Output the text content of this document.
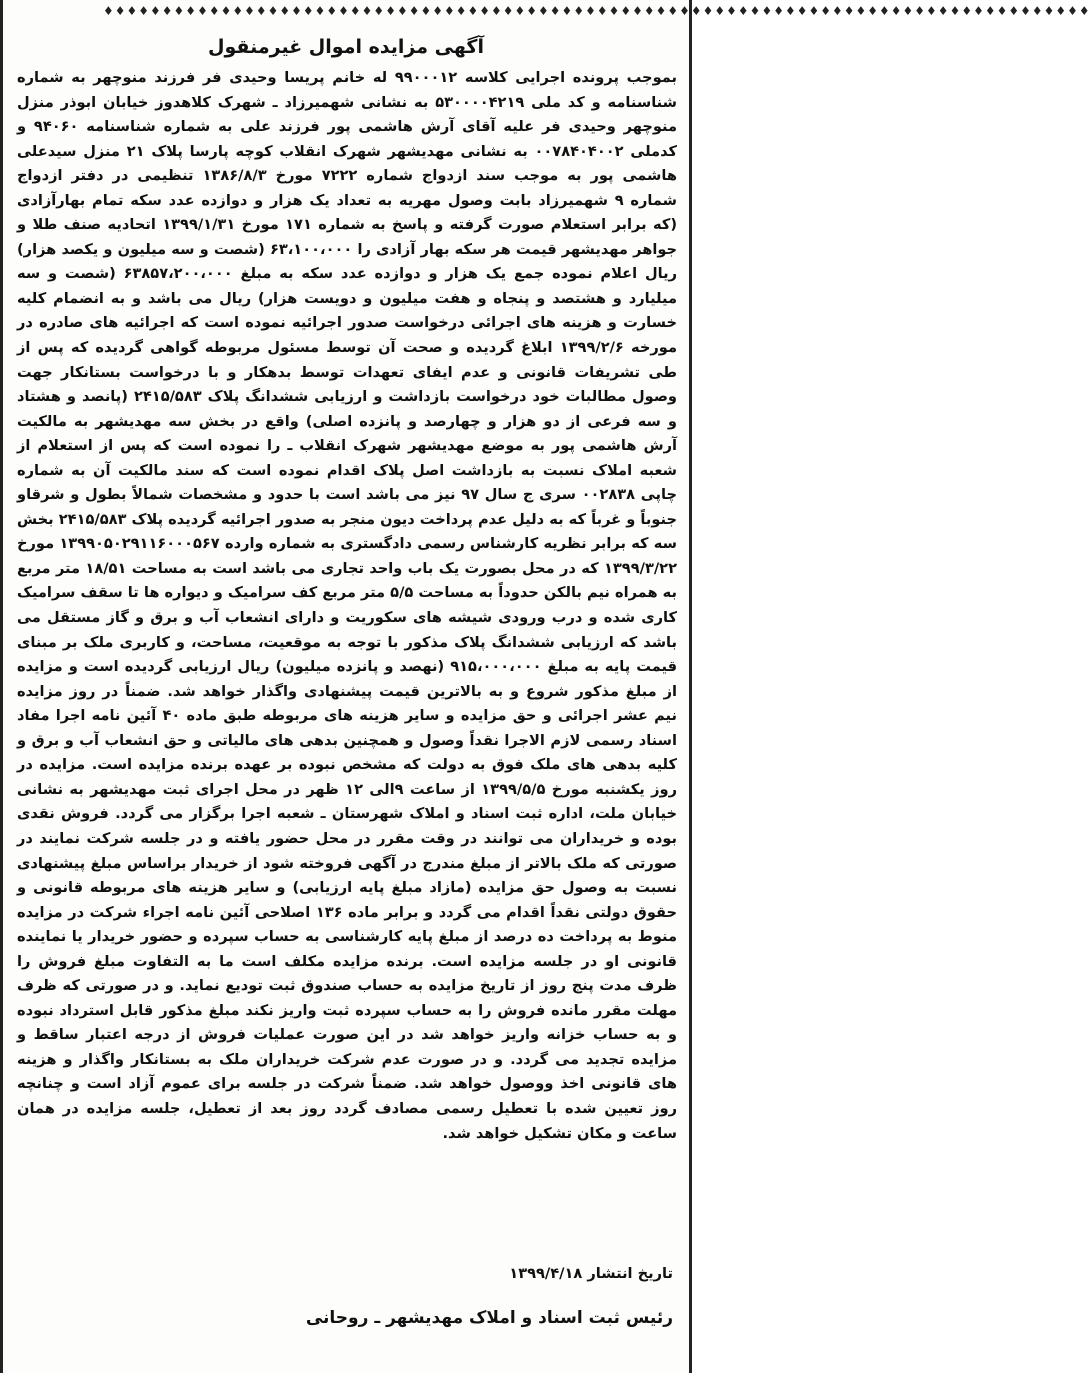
♦♦♦♦♦♦♦♦♦♦♦♦♦♦♦♦♦♦♦♦♦♦♦♦♦♦♦♦♦♦♦♦♦♦♦♦♦♦♦♦♦♦♦♦♦♦♦♦♦♦♦♦♦♦♦♦♦♦♦♦♦♦♦♦♦♦♦♦♦♦♦♦♦♦♦♦♦♦♦♦♦♦♦♦
آگهی مزایده اموال غیرمنقول
بموجب پرونده اجرایی کلاسه ۹۹۰۰۰۱۲ له خانم پریسا وحیدی فر فرزند منوچهر به شماره شناسنامه و کد ملی ۵۳۰۰۰۰۴۲۱۹ به نشانی شهمیرزاد ـ شهرک کلاهدوز خیابان ابوذر منزل منوچهر وحیدی فر علیه آقای آرش هاشمی پور فرزند علی به شماره شناسنامه ۹۴۰۶۰ و کدملی ۰۰۷۸۴۰۴۰۰۲ به نشانی مهدیشهر شهرک انقلاب کوچه پارسا پلاک ۲۱ منزل سیدعلی هاشمی پور به موجب سند ازدواج شماره ۷۲۲۲ مورخ ۱۳۸۶/۸/۳ تنظیمی در دفتر ازدواج شماره ۹ شهمیرزاد بابت وصول مهریه به تعداد یک هزار و دوازده عدد سکه تمام بهارآزادی (که برابر استعلام صورت گرفته و پاسخ به شماره ۱۷۱ مورخ ۱۳۹۹/۱/۳۱ اتحادیه صنف طلا و جواهر مهدیشهر قیمت هر سکه بهار آزادی را ۶۳،۱۰۰،۰۰۰ (شصت و سه میلیون و یکصد هزار) ریال اعلام نموده جمع یک هزار و دوازده عدد سکه به مبلغ ۶۳۸۵۷،۲۰۰،۰۰۰ (شصت و سه میلیارد و هشتصد و پنجاه و هفت میلیون و دویست هزار) ریال می باشد و به انضمام کلیه خسارت و هزینه های اجرائی درخواست صدور اجرائیه نموده است که اجرائیه های صادره در مورخه ۱۳۹۹/۲/۶ ابلاغ گردیده و صحت آن توسط مسئول مربوطه گواهی گردیده که پس از طی تشریفات قانونی و عدم ایفای تعهدات توسط بدهکار و با درخواست بستانکار جهت وصول مطالبات خود درخواست بازداشت و ارزیابی ششدانگ پلاک ۲۴۱۵/۵۸۳ (پانصد و هشتاد و سه فرعی از دو هزار و چهارصد و پانزده اصلی) واقع در بخش سه مهدیشهر به مالکیت آرش هاشمی پور به موضع مهدیشهر شهرک انقلاب ـ را نموده است که پس از استعلام از شعبه املاک نسبت به بازداشت اصل پلاک اقدام نموده است که سند مالکیت آن به شماره چاپی ۰۰۲۸۳۸ سری ج سال ۹۷ نیز می باشد است با حدود و مشخصات شمالاً بطول و شرقاو جنوباً و غرباً که به دلیل عدم پرداخت دیون منجر به صدور اجرائیه گردیده پلاک ۲۴۱۵/۵۸۳ بخش سه که برابر نظریه کارشناس رسمی دادگستری به شماره وارده ۱۳۹۹۰۵۰۲۹۱۱۶۰۰۰۵۶۷ مورخ ۱۳۹۹/۳/۲۲ که در محل بصورت یک باب واحد تجاری می باشد است به مساحت ۱۸/۵۱ متر مربع به همراه نیم بالکن حدوداً به مساحت ۵/۵ متر مربع کف سرامیک و دیواره ها تا سقف سرامیک کاری شده و درب ورودی شیشه های سکوریت و دارای انشعاب آب و برق و گاز مستقل می باشد که ارزیابی ششدانگ پلاک مذکور با توجه به موقعیت، مساحت، و کاربری ملک بر مبنای قیمت پایه به مبلغ ۹۱۵،۰۰۰،۰۰۰ (نهصد و پانزده میلیون) ریال ارزیابی گردیده است و مزایده از مبلغ مذکور شروع و به بالاترین قیمت پیشنهادی واگذار خواهد شد. ضمناً در روز مزایده نیم عشر اجرائی و حق مزایده و سایر هزینه های مربوطه طبق ماده ۴۰ آئین نامه اجرا مفاد اسناد رسمی لازم الاجرا نقداً وصول و همچنین بدهی های مالیاتی و حق انشعاب آب و برق و کلیه بدهی های ملک فوق به دولت که مشخص نبوده بر عهده برنده مزایده است. مزایده در روز یکشنبه مورخ ۱۳۹۹/۵/۵ از ساعت ۹الی ۱۲ ظهر در محل اجرای ثبت مهدیشهر به نشانی خیابان ملت، اداره ثبت اسناد و املاک شهرستان ـ شعبه اجرا برگزار می گردد. فروش نقدی بوده و خریداران می توانند در وقت مقرر در محل حضور یافته و در جلسه شرکت نمایند در صورتی که ملک بالاتر از مبلغ مندرج در آگهی فروخته شود از خریدار براساس مبلغ پیشنهادی نسبت به وصول حق مزایده (مازاد مبلغ پایه ارزیابی) و سایر هزینه های مربوطه قانونی و حقوق دولتی نقداً اقدام می گردد و برابر ماده ۱۳۶ اصلاحی آئین نامه اجراء شرکت در مزایده منوط به پرداخت ده درصد از مبلغ پایه کارشناسی به حساب سپرده و حضور خریدار یا نماینده قانونی او در جلسه مزایده است. برنده مزایده مکلف است ما به التفاوت مبلغ فروش را ظرف مدت پنج روز از تاریخ مزایده به حساب صندوق ثبت تودیع نماید. و در صورتی که ظرف مهلت مقرر مانده فروش را به حساب سپرده ثبت واریز نکند مبلغ مذکور قابل استرداد نبوده و به حساب خزانه واریز خواهد شد در این صورت عملیات فروش از درجه اعتبار ساقط و مزایده تجدید می گردد. و در صورت عدم شرکت خریداران ملک به بستانکار واگذار و هزینه های قانونی اخذ ووصول خواهد شد. ضمناً شرکت در جلسه برای عموم آزاد است و چنانچه روز تعیین شده با تعطیل رسمی مصادف گردد روز بعد از تعطیل، جلسه مزایده در همان ساعت و مکان تشکیل خواهد شد.
تاریخ انتشار ۱۳۹۹/۴/۱۸
رئیس ثبت اسناد و املاک مهدیشهر ـ روحانی
